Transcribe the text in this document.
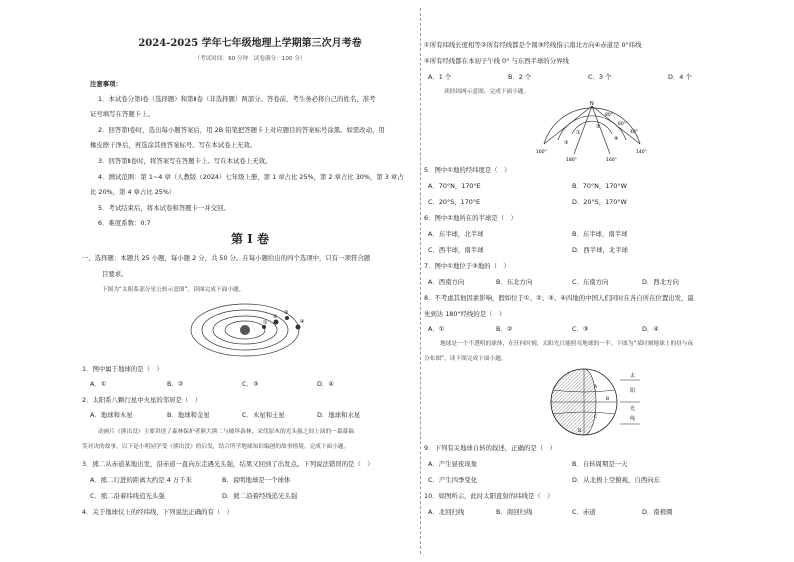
2024-2025 学年七年级地理上学期第三次月考卷
（考试时间：60 分钟　试卷满分：100 分）
注意事项：
1．本试卷分第Ⅰ卷（选择题）和第Ⅱ卷（非选择题）两部分。答卷前，考生务必将自己的姓名、准考
证号填写在答题卡上。
2．回答第Ⅰ卷时，选出每小题答案后，用 2B 铅笔把答题卡上对应题目的答案标号涂黑。如需改动，用
橡皮擦干净后，再选涂其他答案标号。写在本试卷上无效。
3．回答第Ⅱ卷时，将答案写在答题卡上。写在本试卷上无效。
4．测试范围：第 1~4 章（人教版（2024）七年级上册，第 1 章占比 25%，第 2 章占比 30%，第 3 章占
比 20%，第 4 章占比 25%）
5．考试结束后，将本试卷和答题卡一并交回。
6．难度系数：0.7
第 Ⅰ 卷
一、选择题：本题共 25 小题，每小题 2 分，共 50 分。在每小题给出的四个选项中，只有一项符合题
目要求。
下图为“太阳系部分星公转示意图”。读图完成下面小题。
①
②
③
④
1．图中属于地球的是（　）
A．①	B．②	C．③	D．④
2．太阳系八颗行星中火星的邻居是（　）
A．地球和木星	B．地球和金星	C．木星和土星	D．地球和水星
动画片《熊出没》主要讲述了森林保护者熊大熊二与破坏森林、采伐原木的光头强之间上演的一幕幕搞
笑对决的故事。以下是小明同学受《熊出没》的启发，结合所学地球知识编创的故事情境。完成下面小题。
3．熊二从赤道某地出发，沿赤道一直向东走遇光头强，结果又回到了出发点。下列说法错误的是（　）
A．熊二行进的距离大约是 4 万千米	B．说明地球是一个球体
C．熊二沿着纬线追光头强	D．熊二沿着经线追光头强
4．关于地球仪上的经纬线，下列说法正确的有（　）
①所有纬线长度相等②所有经线都是个圆③经线指示南北方向④赤道是 0°纬线
⑤所有经线都在本初子午线 0° 与东西半球的分界线
A．1 个	B．2 个	C．3 个	D．4 个
读经纬网示意图，完成下面小题。
N
80°
60°
40°
160°
180°	160°
140°
①
②
③
④
5．图中①地的经纬度是（　）
A．70°N，170°E	B．70°N，170°W
C．20°S，170°E	D．20°S，170°W
6．图中②地所在的半球是（　）
A．东半球，北半球	B．东半球，南半球
C．西半球，南半球	D．西半球，北半球
7．图中①地位于③地的（　）
A．西南方向	B．东北方向	C．东南方向	D．西北方向
8．不考虑其他因素影响，假如位于①、②、③、④四地的中国人们同时在各自所在位置出发，最
先到达 180°经线的是（　）
A．①	B．②	C．③	D．④
地球是一个不透明的球体，在任何时刻，太阳光只能照亮地球的一半。下图为“某时刻地球上的昼与夜
分布图”。读下图完成下面小题。
太
阳
光
线
A
B
C
D
9．下列有关地球自转的叙述，正确的是（　）
A．产生昼夜现象	B．自转周期是一天
C．产生四季变化	D．从北极上空俯视，自西向东
10．如图所示，此时太阳直射的纬线是（　）
A．北回归线	B．南回归线	C．赤道	D．南极圈
